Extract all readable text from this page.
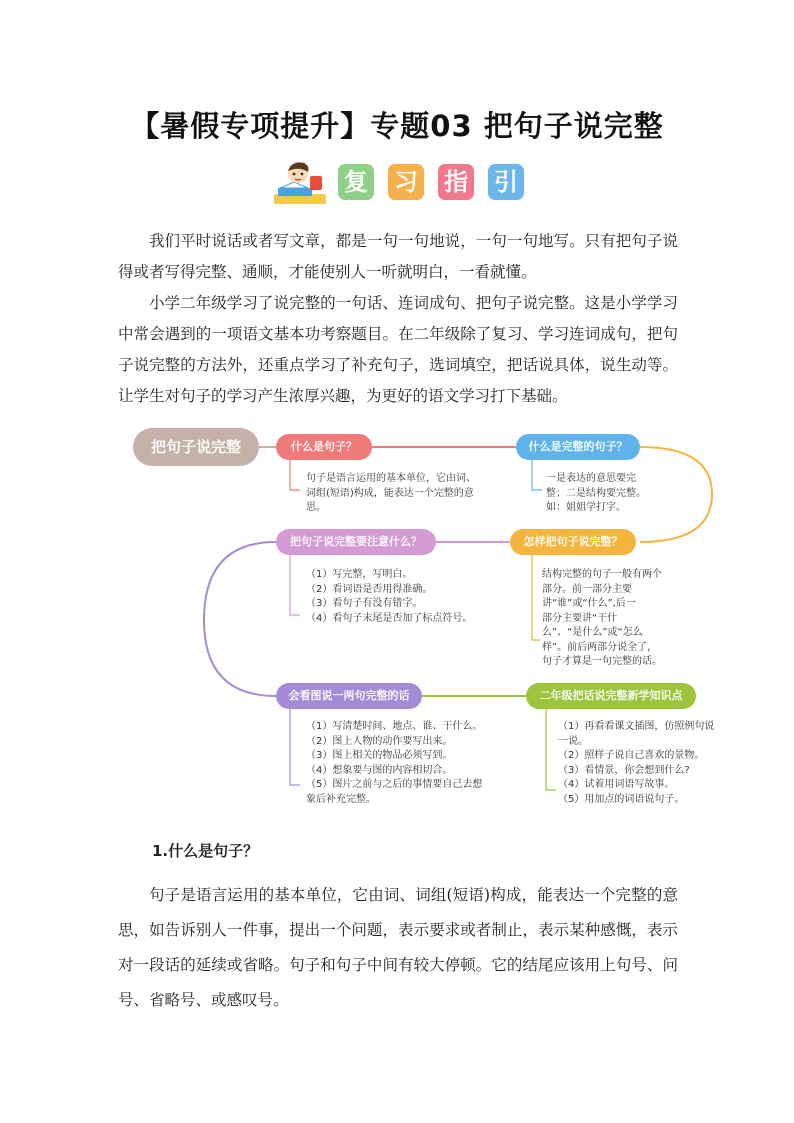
【暑假专项提升】专题03 把句子说完整
复 习 指 引

我们平时说话或者写文章，都是一句一句地说，一句一句地写。只有把句子说得或者写得完整、通顺，才能使别人一听就明白，一看就懂。

小学二年级学习了说完整的一句话、连词成句、把句子说完整。这是小学学习中常会遇到的一项语文基本功考察题目。在二年级除了复习、学习连词成句，把句子说完整的方法外，还重点学习了补充句子，选词填空，把话说具体，说生动等。让学生对句子的学习产生浓厚兴趣，为更好的语文学习打下基础。

把句子说完整	什么是句子？
句子是语言运用的基本单位，它由词、
词组(短语)构成，能表达一个完整的意
思。
什么是完整的句子？
一是表达的意思要完
整；二是结构要完整。
如：姐姐学打字。
把句子说完整要注意什么？
（1）写完整，写明白。
（2）看词语是否用得准确。
（3）看句子有没有错字。
（4）看句子末尾是否加了标点符号。
怎样把句子说完整？
结构完整的句子一般有两个
部分。前一部分主要
讲“谁”或“什么”,后一
部分主要讲“干什
么”、“是什么”或“怎么
样”。前后两部分说全了，
句子才算是一句完整的话。
会看图说一两句完整的话
（1）写清楚时间、地点、谁、干什么。
（2）图上人物的动作要写出来。
（3）图上相关的物品必须写到。
（4）想象要与图的内容相切合。
（5）图片之前与之后的事情要自己去想
象后补充完整。
二年级把话说完整新学知识点
（1）再看看课文插图，仿照例句说
一说。
（2）照样子说自己喜欢的景物。
（3）看情景，你会想到什么?
（4）试着用词语写故事。
（5）用加点的词语说句子。
1.什么是句子？

句子是语言运用的基本单位，它由词、词组(短语)构成，能表达一个完整的意思，如告诉别人一件事，提出一个问题，表示要求或者制止，表示某种感慨，表示对一段话的延续或省略。句子和句子中间有较大停顿。它的结尾应该用上句号、问号、省略号、或感叹号。
